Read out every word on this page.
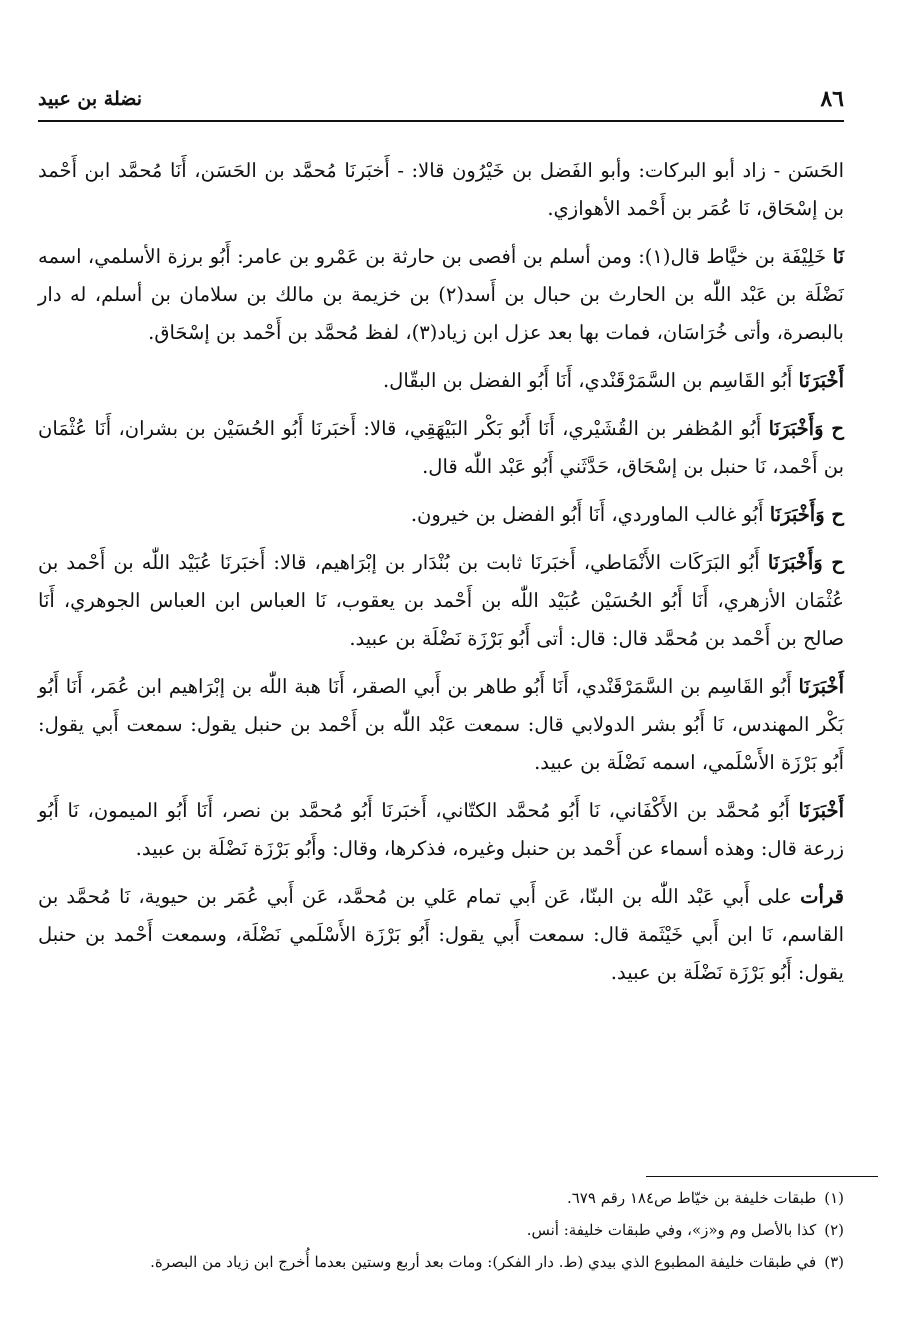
٨٦
نضلة بن عبيد

الحَسَن - زاد أبو البركات: وأبو الفَضل بن خَيْرُون قالا: - أَخبَرنَا مُحمَّد بن الحَسَن، أَنَا مُحمَّد ابن أَحْمد بن إسْحَاق، نَا عُمَر بن أَحْمد الأهوازي.

نَا خَلِيْفَة بن خيَّاط قال(١): ومن أسلم بن أفصى بن حارثة بن عَمْرو بن عامر: أَبُو برزة الأسلمي، اسمه نَضْلَة بن عَبْد اللّٰه بن الحارث بن حبال بن أَسد(٢) بن خزيمة بن مالك بن سلامان بن أسلم، له دار بالبصرة، وأتى خُرَاسَان، فمات بها بعد عزل ابن زياد(٣)، لفظ مُحمَّد بن أَحْمد بن إسْحَاق.

أَخْبَرَنَا أَبُو القَاسِم بن السَّمَرْقَنْدي، أَنَا أَبُو الفضل بن البقّال.

ح وَأَخْبَرَنَا أَبُو المُظفر بن القُشَيْري، أَنَا أَبُو بَكْر البَيْهَقِي، قالا: أَخبَرنَا أَبُو الحُسَيْن بن بشران، أَنَا عُثْمَان بن أَحْمد، نَا حنبل بن إسْحَاق، حَدَّثَني أَبُو عَبْد اللّٰه قال.

ح وَأَخْبَرَنَا أَبُو غالب الماوردي، أَنَا أَبُو الفضل بن خيرون.

ح وَأَخْبَرَنَا أَبُو البَرَكَات الأَنْمَاطي، أَخبَرنَا ثابت بن بُنْدَار بن إبْرَاهيم، قالا: أَخبَرنَا عُبَيْد اللّٰه بن أَحْمد بن عُثْمَان الأزهري، أَنَا أَبُو الحُسَيْن عُبَيْد اللّٰه بن أَحْمد بن يعقوب، نَا العباس ابن العباس الجوهري، أَنَا صالح بن أَحْمد بن مُحمَّد قال: قال: أتى أَبُو بَرْزَة نَضْلَة بن عبيد.

أَخْبَرَنَا أَبُو القَاسِم بن السَّمَرْقَنْدي، أَنَا أَبُو طاهر بن أَبي الصقر، أَنَا هبة اللّٰه بن إبْرَاهيم ابن عُمَر، أَنَا أَبُو بَكْر المهندس، نَا أَبُو بشر الدولابي قال: سمعت عَبْد اللّٰه بن أَحْمد بن حنبل يقول: سمعت أَبي يقول: أَبُو بَرْزَة الأَسْلَمي، اسمه نَضْلَة بن عبيد.

أَخْبَرَنَا أَبُو مُحمَّد بن الأَكْفَاني، نَا أَبُو مُحمَّد الكتّاني، أَخبَرنَا أَبُو مُحمَّد بن نصر، أَنَا أَبُو الميمون، نَا أَبُو زرعة قال: وهذه أسماء عن أَحْمد بن حنبل وغيره، فذكرها، وقال: وأَبُو بَرْزَة نَضْلَة بن عبيد.

قرأت على أَبي عَبْد اللّٰه بن البنّا، عَن أَبي تمام عَلي بن مُحمَّد، عَن أَبي عُمَر بن حيوية، نَا مُحمَّد بن القاسم، نَا ابن أَبي خَيْثَمة قال: سمعت أَبي يقول: أَبُو بَرْزَة الأَسْلَمي نَضْلَة، وسمعت أَحْمد بن حنبل يقول: أَبُو بَرْزَة نَضْلَة بن عبيد.

(١)طبقات خليفة بن خيّاط ص١٨٤ رقم ٦٧٩.

(٢)كذا بالأصل وم و«ز»، وفي طبقات خليفة: أنس.

(٣)في طبقات خليفة المطبوع الذي بيدي (ط. دار الفكر): ومات بعد أربع وستين بعدما أُخرج ابن زياد من البصرة.
